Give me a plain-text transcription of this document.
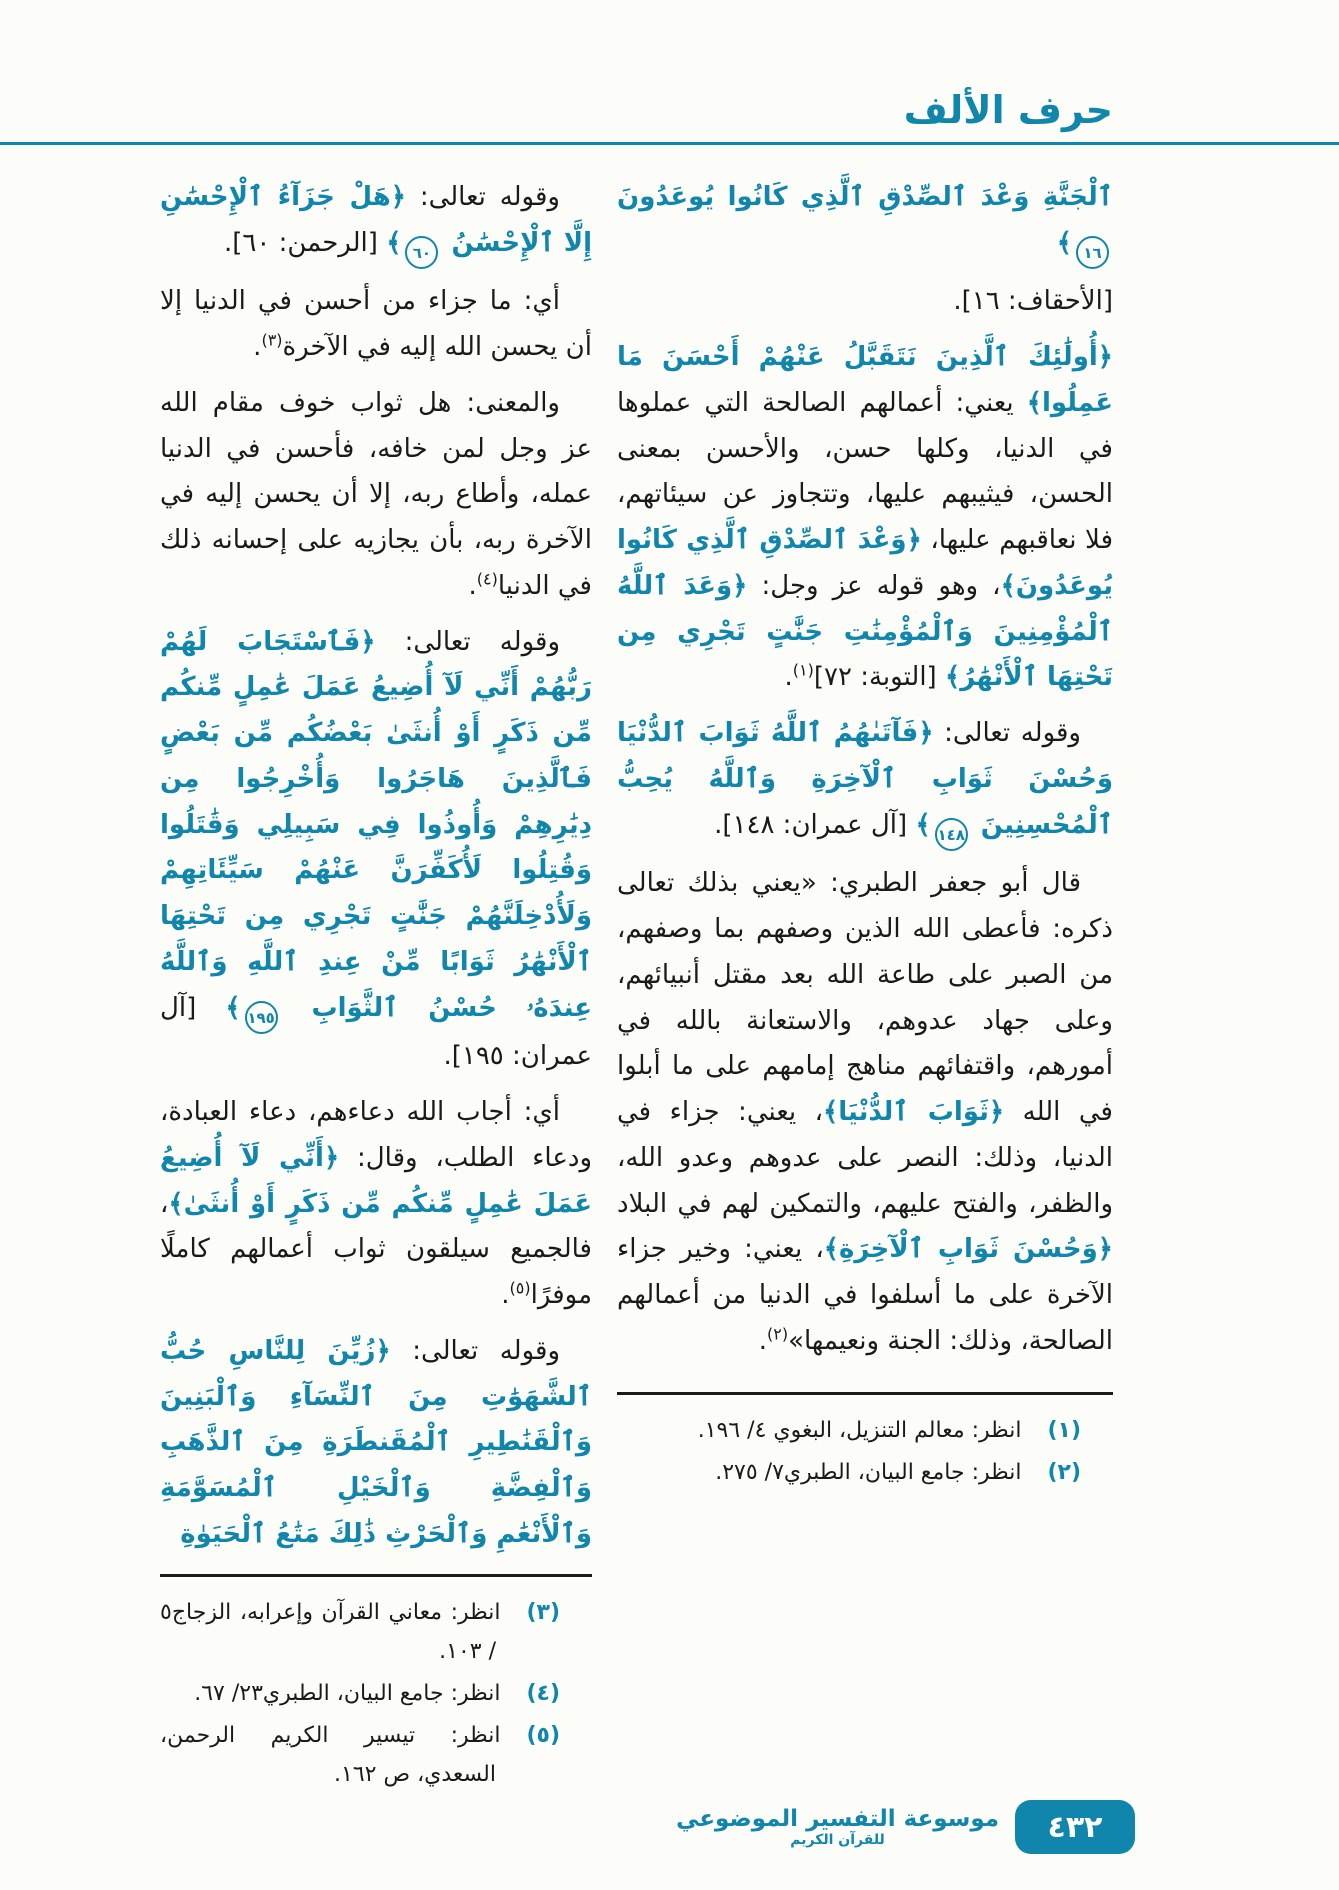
حرف الألف

ٱلْجَنَّةِ وَعْدَ ٱلصِّدْقِ ٱلَّذِي كَانُوا يُوعَدُونَ ١٦﴾

[الأحقاف: ١٦].

﴿أُولَٰئِكَ ٱلَّذِينَ نَتَقَبَّلُ عَنْهُمْ أَحْسَنَ مَا عَمِلُوا﴾ يعني: أعمالهم الصالحة التي عملوها في الدنيا، وكلها حسن، والأحسن بمعنى الحسن، فيثيبهم عليها، وتتجاوز عن سيئاتهم، فلا نعاقبهم عليها، ﴿وَعْدَ ٱلصِّدْقِ ٱلَّذِي كَانُوا يُوعَدُونَ﴾، وهو قوله عز وجل: ﴿وَعَدَ ٱللَّهُ ٱلْمُؤْمِنِينَ وَٱلْمُؤْمِنَٰتِ جَنَّٰتٍ تَجْرِي مِن تَحْتِهَا ٱلْأَنْهَٰرُ﴾ [التوبة: ٧٢]$^{(١)}$.

وقوله تعالى: ﴿فَآتَىٰهُمُ ٱللَّهُ ثَوَابَ ٱلدُّنْيَا وَحُسْنَ ثَوَابِ ٱلْآخِرَةِ وَٱللَّهُ يُحِبُّ ٱلْمُحْسِنِينَ ١٤٨﴾ [آل عمران: ١٤٨].

قال أبو جعفر الطبري: «يعني بذلك تعالى ذكره: فأعطى الله الذين وصفهم بما وصفهم، من الصبر على طاعة الله بعد مقتل أنبيائهم، وعلى جهاد عدوهم، والاستعانة بالله في أمورهم، واقتفائهم مناهج إمامهم على ما أبلوا في الله ﴿ثَوَابَ ٱلدُّنْيَا﴾، يعني: جزاء في الدنيا، وذلك: النصر على عدوهم وعدو الله، والظفر، والفتح عليهم، والتمكين لهم في البلاد ﴿وَحُسْنَ ثَوَابِ ٱلْآخِرَةِ﴾، يعني: وخير جزاء الآخرة على ما أسلفوا في الدنيا من أعمالهم الصالحة، وذلك: الجنة ونعيمها»$^{(٢)}$.

(١)انظر: معالم التنزيل، البغوي ٤/ ١٩٦.
(٢)انظر: جامع البيان، الطبري٧/ ٢٧٥.

وقوله تعالى: ﴿هَلْ جَزَآءُ ٱلْإِحْسَٰنِ إِلَّا ٱلْإِحْسَٰنُ ٦٠﴾ [الرحمن: ٦٠].

أي: ما جزاء من أحسن في الدنيا إلا أن يحسن الله إليه في الآخرة$^{(٣)}$.

والمعنى: هل ثواب خوف مقام الله عز وجل لمن خافه، فأحسن في الدنيا عمله، وأطاع ربه، إلا أن يحسن إليه في الآخرة ربه، بأن يجازيه على إحسانه ذلك في الدنيا$^{(٤)}$.

وقوله تعالى: ﴿فَٱسْتَجَابَ لَهُمْ رَبُّهُمْ أَنِّي لَآ أُضِيعُ عَمَلَ عَٰمِلٍ مِّنكُم مِّن ذَكَرٍ أَوْ أُنثَىٰ بَعْضُكُم مِّن بَعْضٍ فَٱلَّذِينَ هَاجَرُوا وَأُخْرِجُوا مِن دِيَٰرِهِمْ وَأُوذُوا فِي سَبِيلِي وَقَٰتَلُوا وَقُتِلُوا لَأُكَفِّرَنَّ عَنْهُمْ سَيِّئَاتِهِمْ وَلَأُدْخِلَنَّهُمْ جَنَّٰتٍ تَجْرِي مِن تَحْتِهَا ٱلْأَنْهَٰرُ ثَوَابًا مِّنْ عِندِ ٱللَّهِ وَٱللَّهُ عِندَهُۥ حُسْنُ ٱلثَّوَابِ ١٩٥﴾ [آل عمران: ١٩٥].

أي: أجاب الله دعاءهم، دعاء العبادة، ودعاء الطلب، وقال: ﴿أَنِّي لَآ أُضِيعُ عَمَلَ عَٰمِلٍ مِّنكُم مِّن ذَكَرٍ أَوْ أُنثَىٰ﴾، فالجميع سيلقون ثواب أعمالهم كاملًا موفرًا$^{(٥)}$.

وقوله تعالى: ﴿زُيِّنَ لِلنَّاسِ حُبُّ ٱلشَّهَوَٰتِ مِنَ ٱلنِّسَآءِ وَٱلْبَنِينَ وَٱلْقَنَٰطِيرِ ٱلْمُقَنطَرَةِ مِنَ ٱلذَّهَبِ وَٱلْفِضَّةِ وَٱلْخَيْلِ ٱلْمُسَوَّمَةِ وَٱلْأَنْعَٰمِ وَٱلْحَرْثِ ذَٰلِكَ مَتَٰعُ ٱلْحَيَوٰةِ

(٣)انظر: معاني القرآن وإعرابه، الزجاج٥ / ١٠٣.
(٤)انظر: جامع البيان، الطبري٢٣/ ٦٧.
(٥)انظر: تيسير الكريم الرحمن، السعدي، ص ١٦٢.
٤٣٢
موسوعة التفسير الموضوعي
للقرآن الكريم
